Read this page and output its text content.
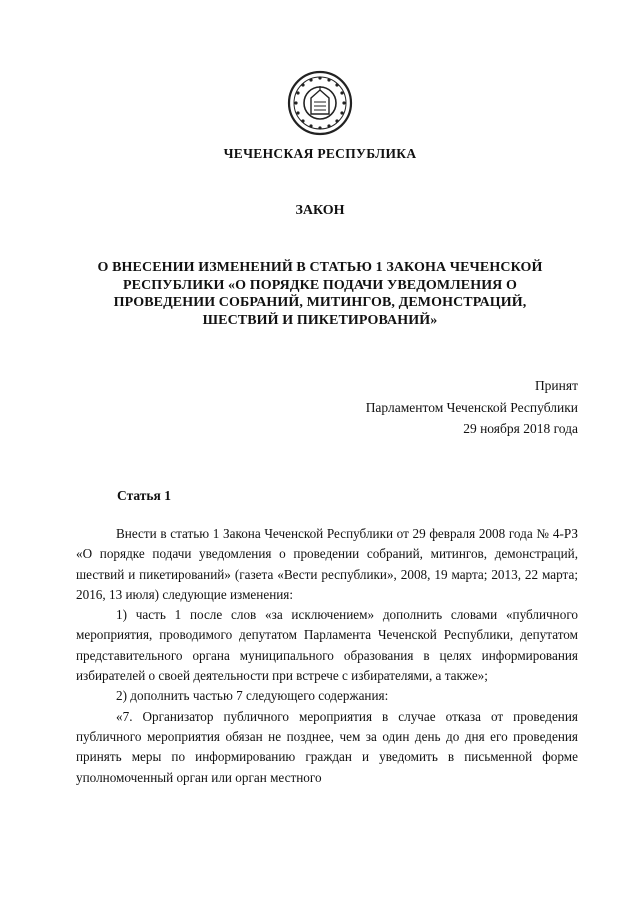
ЧЕЧЕНСКАЯ РЕСПУБЛИКА
ЗАКОН
О ВНЕСЕНИИ ИЗМЕНЕНИЙ В СТАТЬЮ 1 ЗАКОНА ЧЕЧЕНСКОЙ
РЕСПУБЛИКИ «О ПОРЯДКЕ ПОДАЧИ УВЕДОМЛЕНИЯ О
ПРОВЕДЕНИИ СОБРАНИЙ, МИТИНГОВ, ДЕМОНСТРАЦИЙ,
ШЕСТВИЙ И ПИКЕТИРОВАНИЙ»
Принят
Парламентом Чеченской Республики
29 ноября 2018 года
Статья 1

Внести в статью 1 Закона Чеченской Республики от 29 февраля 2008 года № 4-РЗ «О порядке подачи уведомления о проведении собраний, митингов, демонстраций, шествий и пикетирований» (газета «Вести республики», 2008, 19 марта; 2013, 22 марта; 2016, 13 июля) следующие изменения:

1) часть 1 после слов «за исключением» дополнить словами «публичного мероприятия, проводимого депутатом Парламента Чеченской Республики, депутатом представительного органа муниципального образования в целях информирования избирателей о своей деятельности при встрече с избирателями, а также»;

2) дополнить частью 7 следующего содержания:

«7. Организатор публичного мероприятия в случае отказа от проведения публичного мероприятия обязан не позднее, чем за один день до дня его проведения принять меры по информированию граждан и уведомить в письменной форме уполномоченный орган или орган местного
